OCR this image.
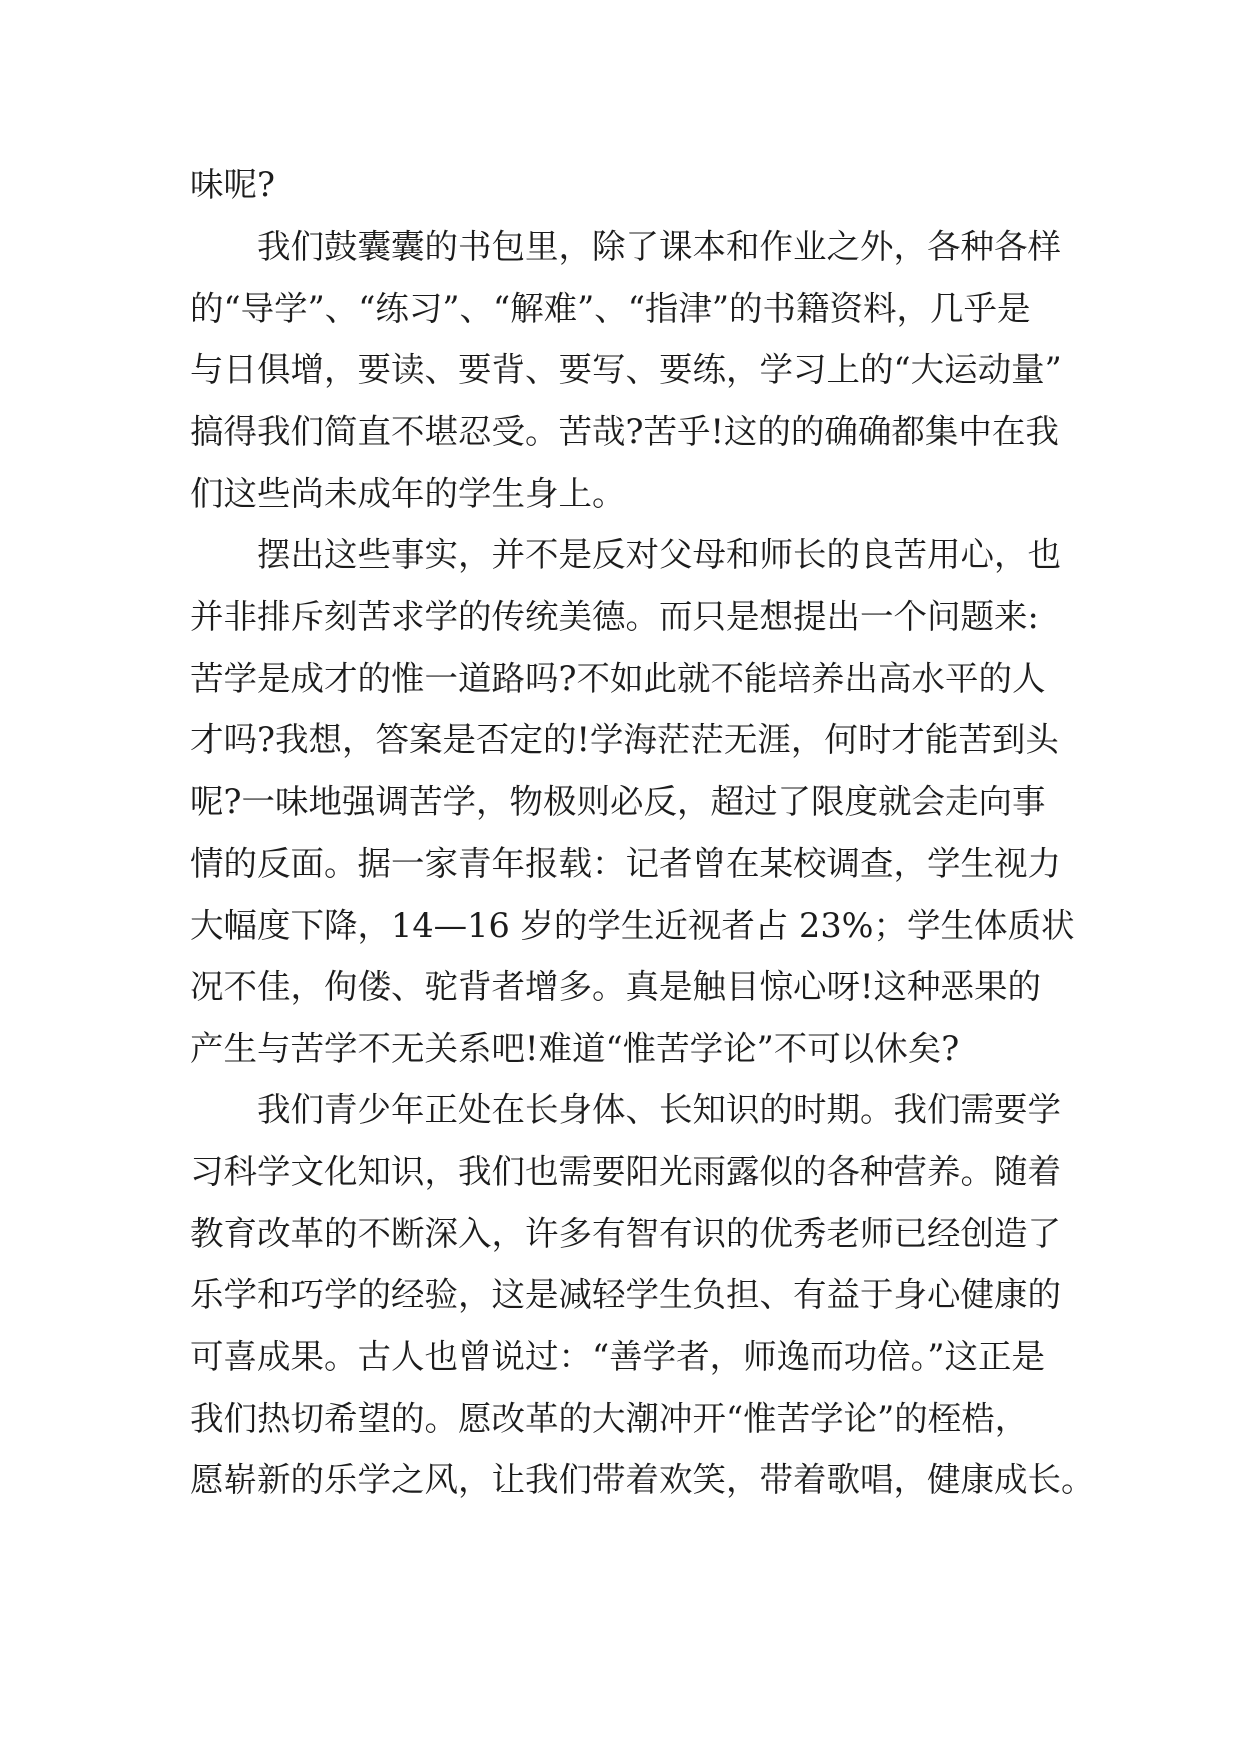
味呢?
我们鼓囊囊的书包里，除了课本和作业之外，各种各样
的“导学”、“练习”、“解难”、“指津”的书籍资料，几乎是
与日俱增，要读、要背、要写、要练，学习上的“大运动量”
搞得我们简直不堪忍受。苦哉?苦乎!这的的确确都集中在我
们这些尚未成年的学生身上。
摆出这些事实，并不是反对父母和师长的良苦用心，也
并非排斥刻苦求学的传统美德。而只是想提出一个问题来:
苦学是成才的惟一道路吗?不如此就不能培养出高水平的人
才吗?我想，答案是否定的!学海茫茫无涯，何时才能苦到头
呢?一味地强调苦学，物极则必反，超过了限度就会走向事
情的反面。据一家青年报载：记者曾在某校调查，学生视力
大幅度下降，14—16 岁的学生近视者占 23%；学生体质状
况不佳，佝偻、驼背者增多。真是触目惊心呀!这种恶果的
产生与苦学不无关系吧!难道“惟苦学论”不可以休矣?
我们青少年正处在长身体、长知识的时期。我们需要学
习科学文化知识，我们也需要阳光雨露似的各种营养。随着
教育改革的不断深入，许多有智有识的优秀老师已经创造了
乐学和巧学的经验，这是减轻学生负担、有益于身心健康的
可喜成果。古人也曾说过：“善学者，师逸而功倍。”这正是
我们热切希望的。愿改革的大潮冲开“惟苦学论”的桎梏，
愿崭新的乐学之风，让我们带着欢笑，带着歌唱，健康成长。
